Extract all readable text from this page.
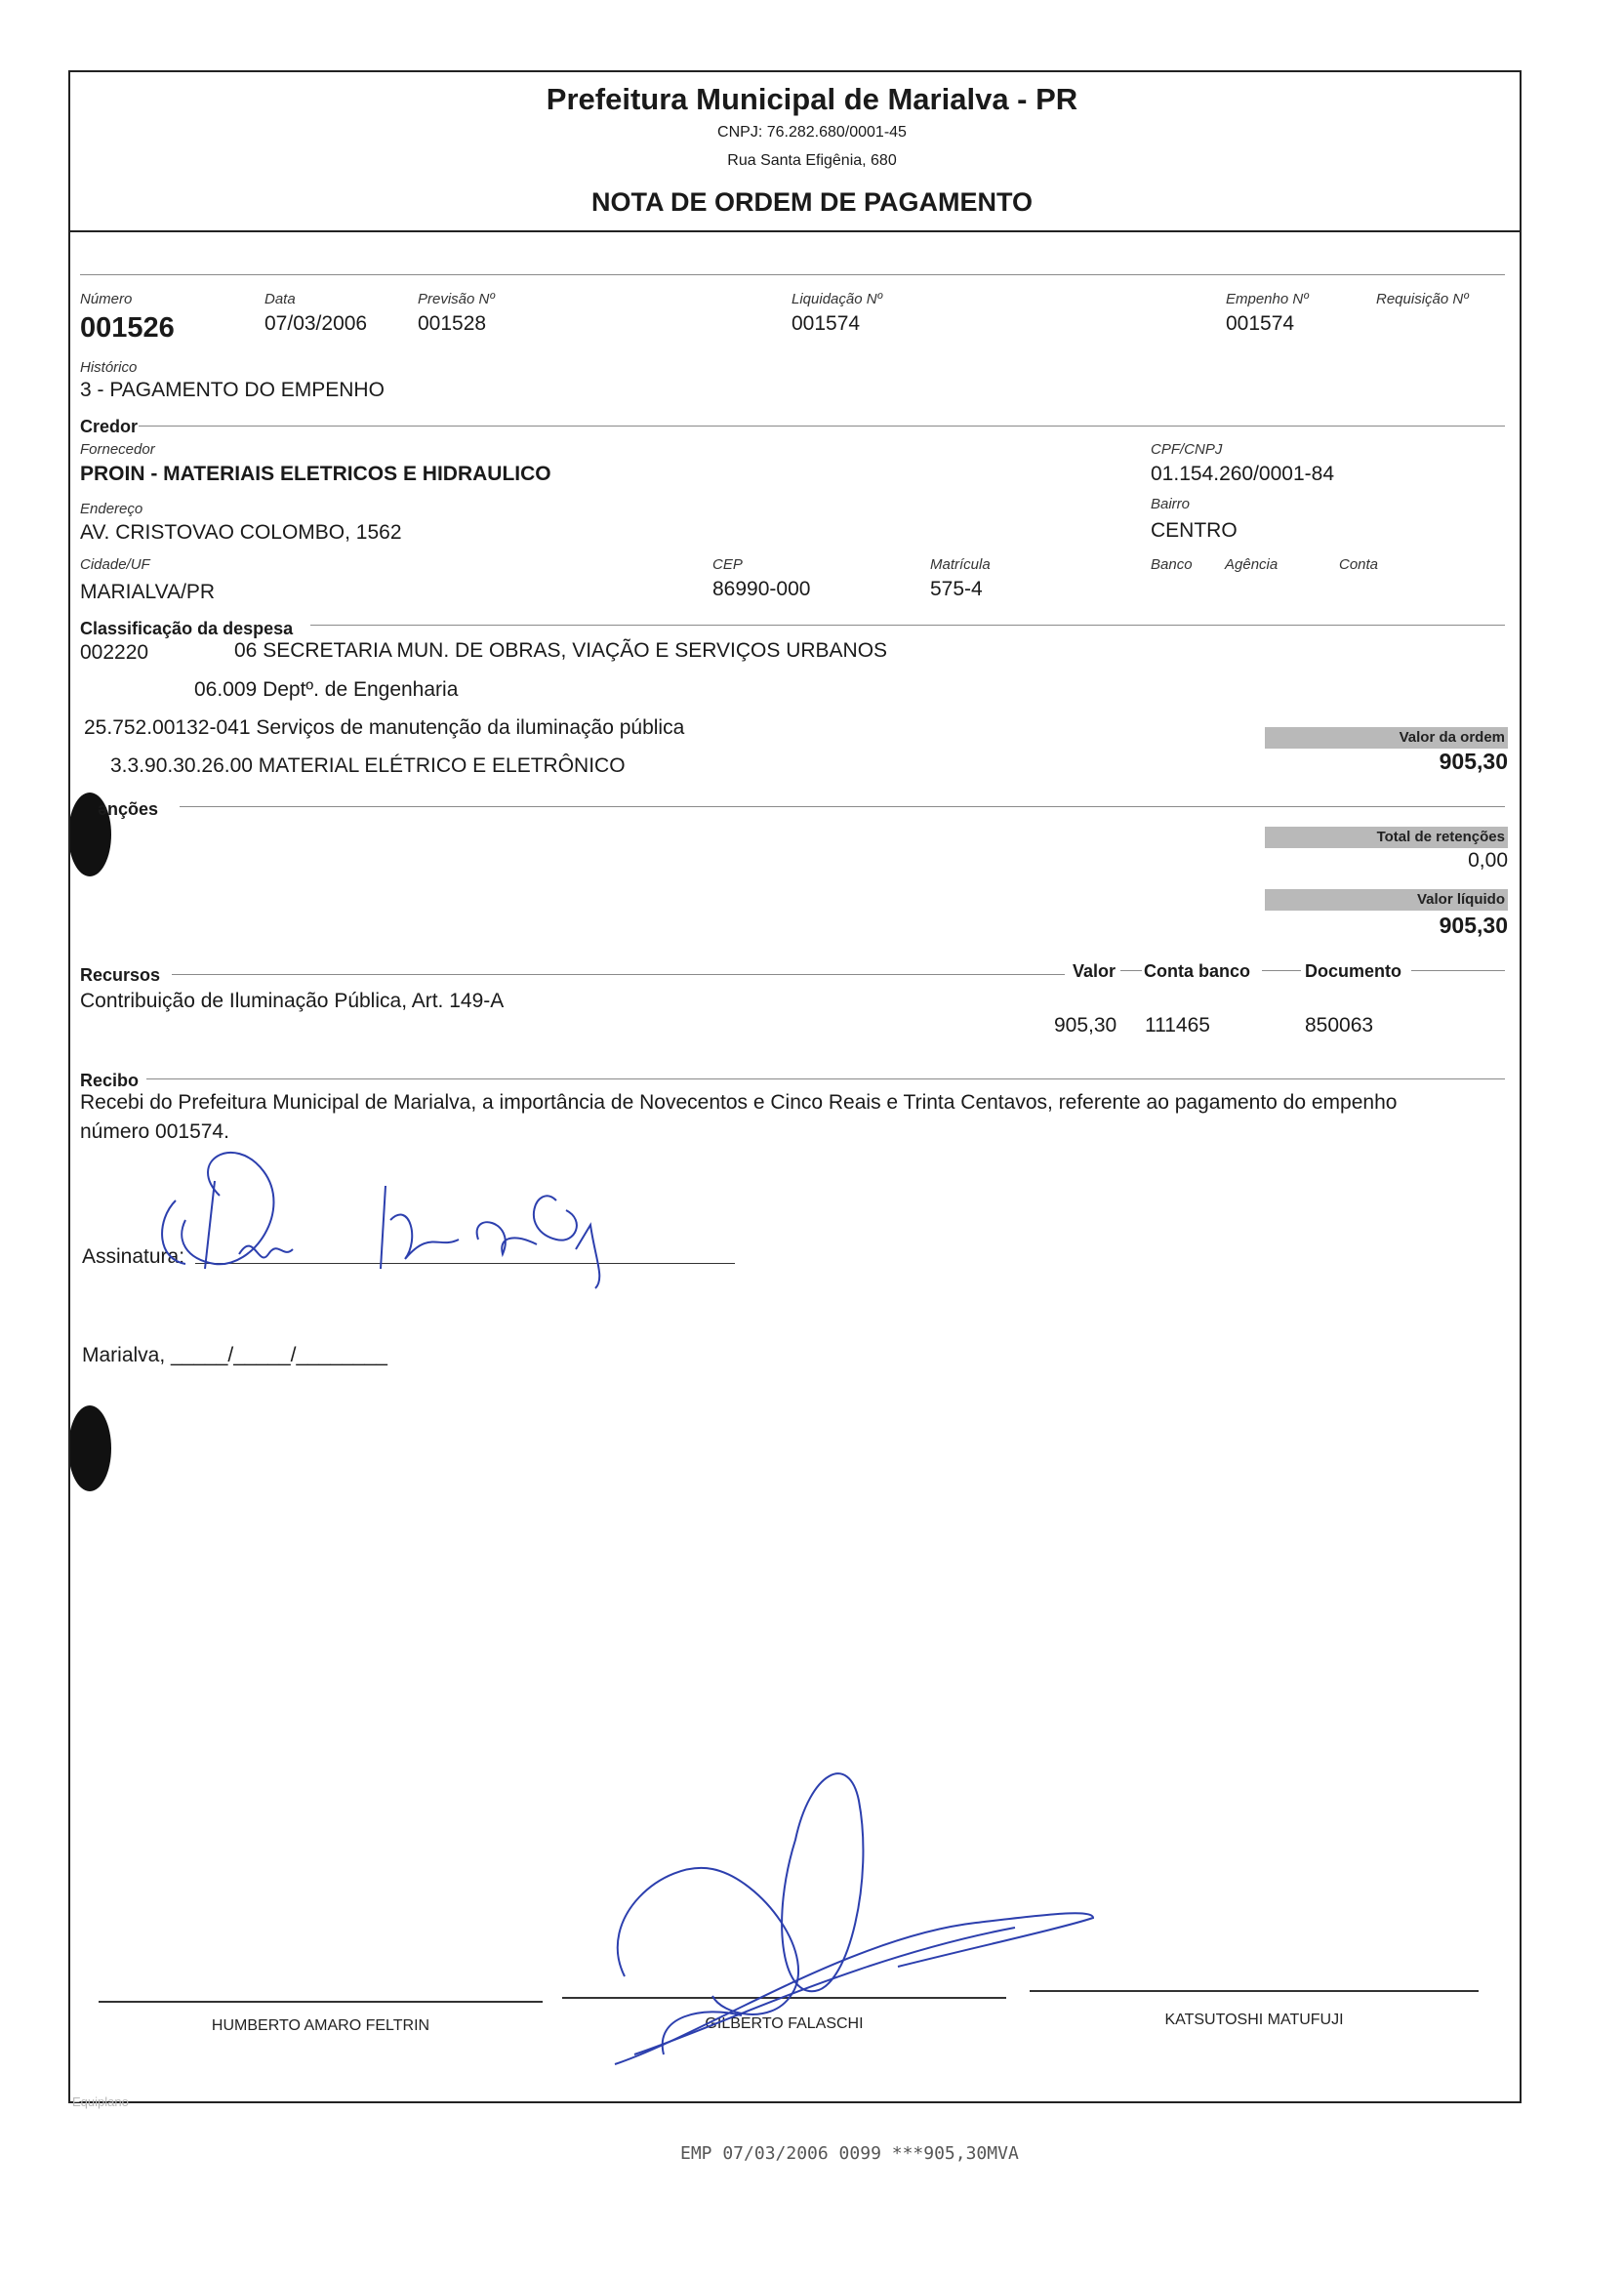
Prefeitura Municipal de Marialva - PR
CNPJ: 76.282.680/0001-45
Rua Santa Efigênia, 680
NOTA DE ORDEM DE PAGAMENTO
Número
001526
Data
07/03/2006
Previsão Nº
001528
Liquidação Nº
001574
Empenho Nº
001574
Requisição Nº
Histórico
3 - PAGAMENTO DO EMPENHO
Credor
Fornecedor
PROIN - MATERIAIS ELETRICOS E HIDRAULICO
CPF/CNPJ
01.154.260/0001-84
Endereço
AV. CRISTOVAO COLOMBO, 1562
Bairro
CENTRO
Cidade/UF
MARIALVA/PR
CEP
86990-000
Matrícula
575-4
Banco Agência	Conta
Classificação da despesa
002220	06 SECRETARIA MUN. DE OBRAS, VIAÇÃO E SERVIÇOS URBANOS
06.009 Deptº. de Engenharia
25.752.00132-041 Serviços de manutenção da iluminação pública
3.3.90.30.26.00 MATERIAL ELÉTRICO E ELETRÔNICO
Valor da ordem
905,30
ənções
Total de retenções
0,00
Valor líquido
905,30
Recursos	Valor Conta banco	Documento
Contribuição de Iluminação Pública, Art. 149-A
905,30 111465	850063
Recibo
Recebi do Prefeitura Municipal de Marialva, a importância de Novecentos e Cinco Reais e Trinta Centavos, referente ao pagamento do empenho
número 001574.
Assinatura:
Marialva, _____/_____/________
HUMBERTO AMARO FELTRIN	GILBERTO FALASCHI	KATSUTOSHI MATUFUJI
Equiplano
EMP 07/03/2006 0099 ***905,30MVA
